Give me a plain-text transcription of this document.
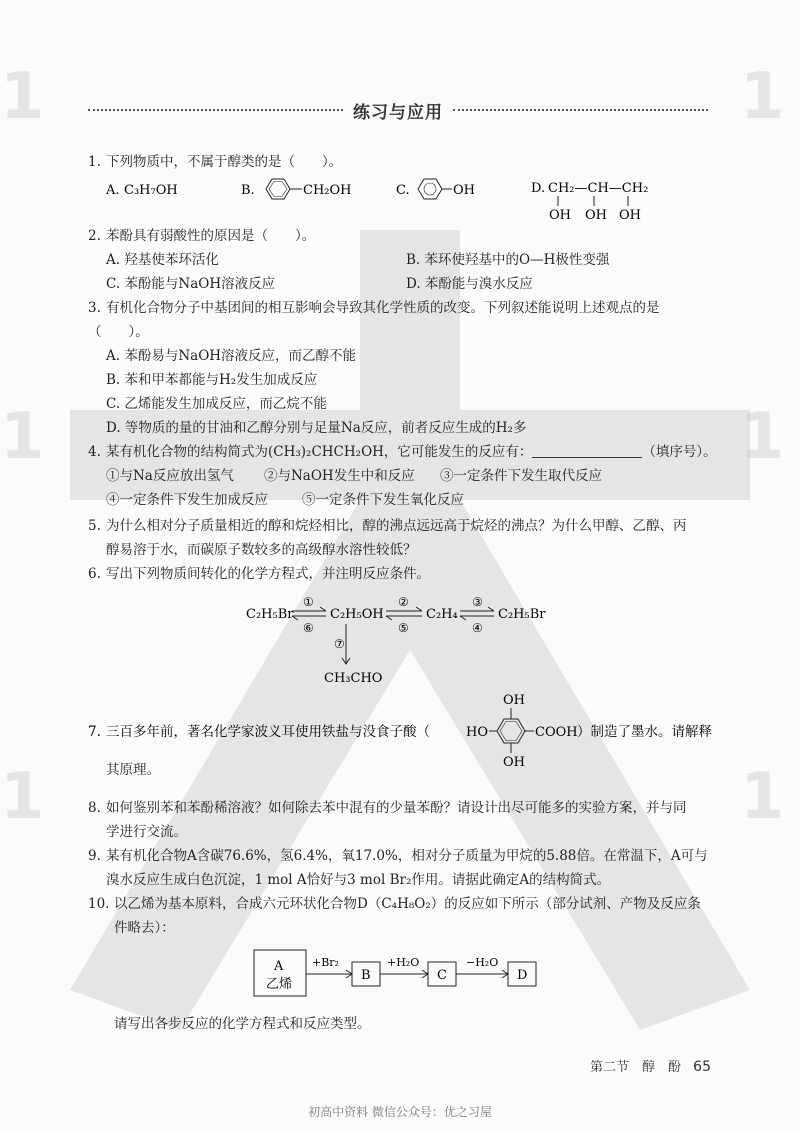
1	1
1	1
1	1
练习与应用
1. 下列物质中，不属于醇类的是（　　）。
A. C₃H₇OH	B.	CH₂OH	C.	OH	D. CH₂—CH—CH₂
OH OH OH
2. 苯酚具有弱酸性的原因是（　　）。
A. 羟基使苯环活化	B. 苯环使羟基中的O—H极性变强
C. 苯酚能与NaOH溶液反应	D. 苯酚能与溴水反应
3. 有机化合物分子中基团间的相互影响会导致其化学性质的改变。下列叙述能说明上述观点的是（　　）。
A. 苯酚易与NaOH溶液反应，而乙醇不能
B. 苯和甲苯都能与H₂发生加成反应
C. 乙烯能发生加成反应，而乙烷不能
D. 等物质的量的甘油和乙醇分别与足量Na反应，前者反应生成的H₂多
4. 某有机化合物的结构简式为(CH₃)₂CHCH₂OH，它可能发生的反应有：	（填序号）。
①与Na反应放出氢气	②与NaOH发生中和反应	③一定条件下发生取代反应
④一定条件下发生加成反应	⑤一定条件下发生氧化反应
5. 为什么相对分子质量相近的醇和烷烃相比，醇的沸点远远高于烷烃的沸点？为什么甲醇、乙醇、丙
醇易溶于水，而碳原子数较多的高级醇水溶性较低？
6. 写出下列物质间转化的化学方程式，并注明反应条件。
C₂H₅Br
①
⑥
C₂H₅OH
②
⑤
C₂H₄
③
④
C₂H₅Br
⑦
CH₃CHO
7. 三百多年前，著名化学家波义耳使用铁盐与没食子酸（	HO
OH
OH
COOH ）制造了墨水。请解释
其原理。
8. 如何鉴别苯和苯酚稀溶液？如何除去苯中混有的少量苯酚？请设计出尽可能多的实验方案，并与同
学进行交流。
9. 某有机化合物A含碳76.6%，氢6.4%，氧17.0%，相对分子质量为甲烷的5.88倍。在常温下，A可与
溴水反应生成白色沉淀，1 mol A恰好与3 mol Br₂作用。请据此确定A的结构简式。
10. 以乙烯为基本原料，合成六元环状化合物D（C₄H₈O₂）的反应如下所示（部分试剂、产物及反应条
件略去）：
A
乙烯
+Br₂
B
+H₂O
C
−H₂O
D
请写出各步反应的化学方程式和反应类型。
第二节　醇　酚 65
初高中资料 微信公众号：优之习屋
